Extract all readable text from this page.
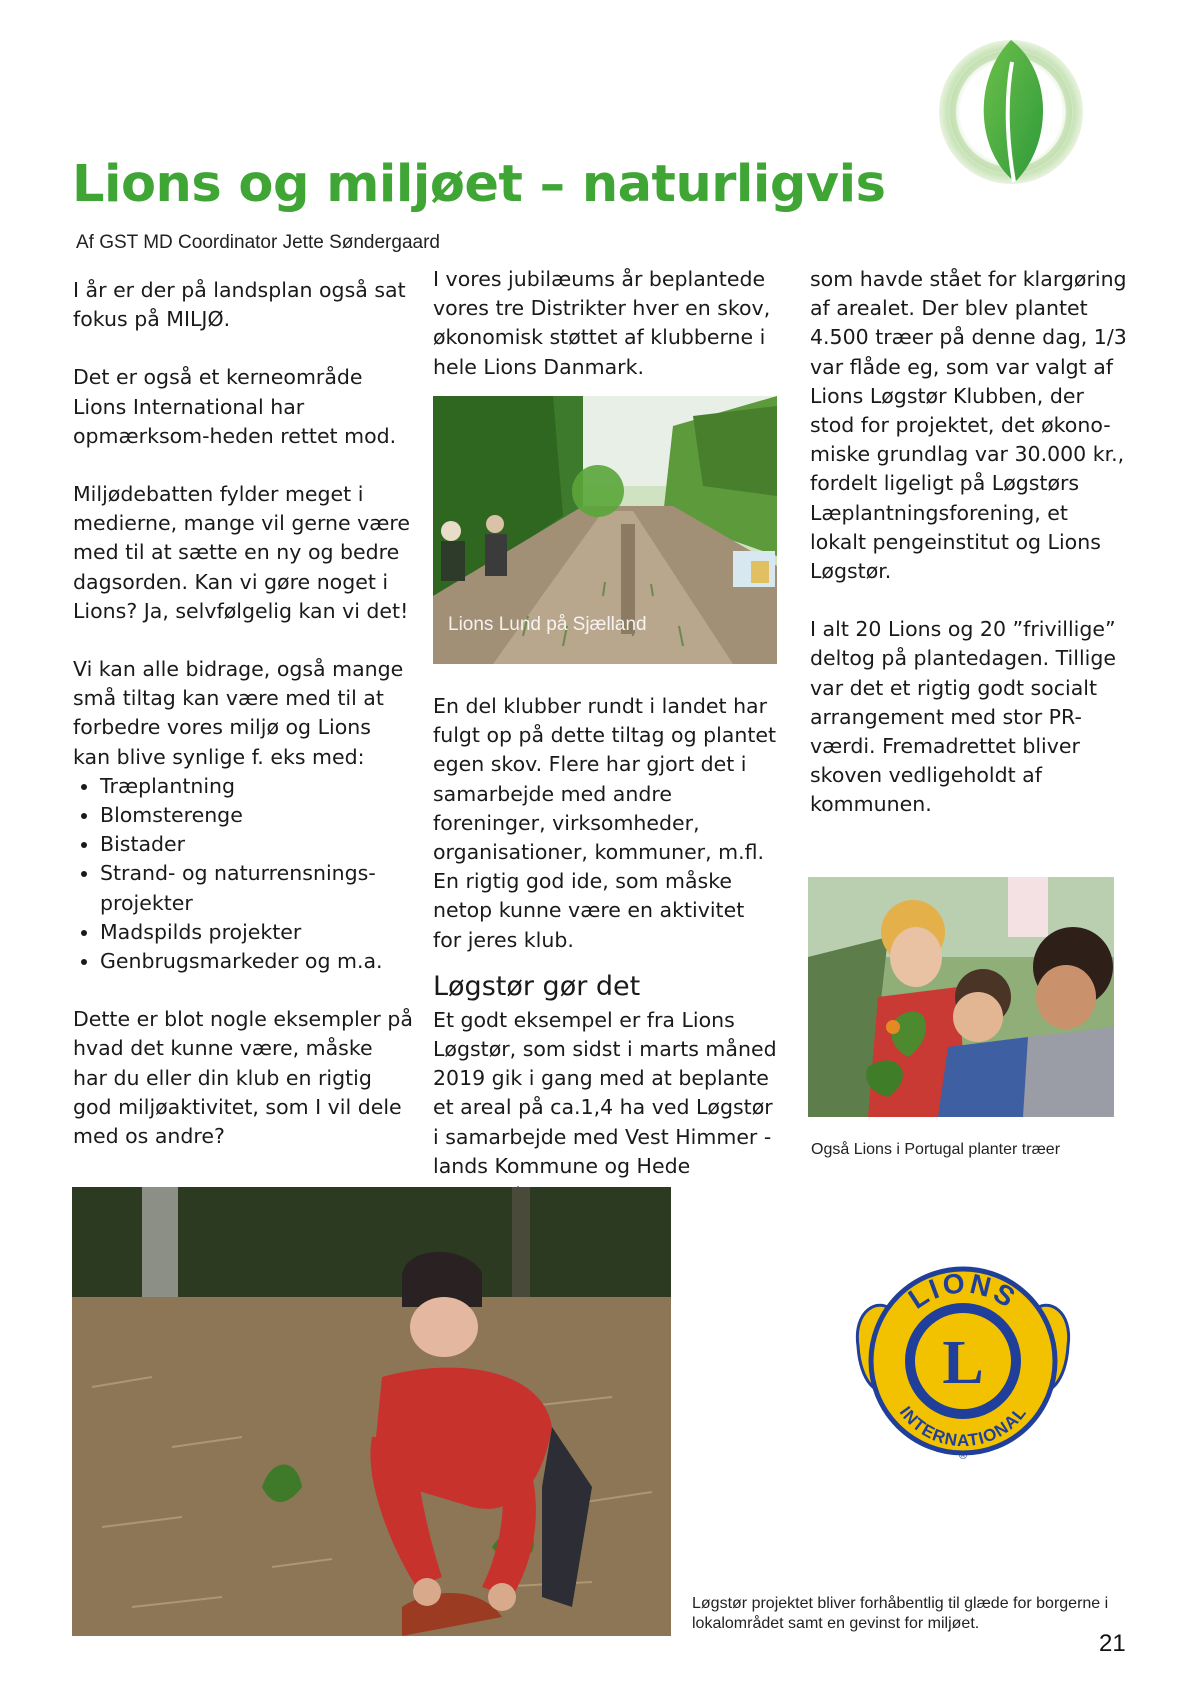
Lions og miljøet – naturligvis
Af GST MD Coordinator Jette Søndergaard

I år er der på landsplan også sat fokus på MILJØ.

Det er også et kerneområde Lions International har opmærksom-heden rettet mod.

Miljødebatten fylder meget i medierne, mange vil gerne være med til at sætte en ny og bedre dagsorden. Kan vi gøre noget i Lions? Ja, selvfølgelig kan vi det!

Vi kan alle bidrage, også mange små tiltag kan være med til at forbedre vores miljø og Lions kan blive synlige f. eks med:

• Træplantning
• Blomsterenge
• Bistader
• Strand- og naturrensnings-projekter
• Madspilds projekter
• Genbrugsmarkeder og m.a.

Dette er blot nogle eksempler på hvad det kunne være, måske har du eller din klub en rigtig god miljøaktivitet, som I vil dele med os andre?

I vores jubilæums år beplantede vores tre Distrikter hver en skov, økonomisk støttet af klubberne i hele Lions Danmark.

Lions Lund på Sjælland

En del klubber rundt i landet har fulgt op på dette tiltag og plantet egen skov. Flere har gjort det i samarbejde med andre foreninger, virksomheder, organisationer, kommuner, m.fl. En rigtig god ide, som måske netop kunne være en aktivitet for jeres klub.

Løgstør gør det

Et godt eksempel er fra Lions Løgstør, som sidst i marts måned 2019 gik i gang med at beplante et areal på ca.1,4 ha ved Løgstør i samarbejde med Vest Himmer - lands Kommune og Hede

som havde stået for klargøring af arealet. Der blev plantet 4.500 træer på denne dag, 1/3 var flåde eg, som var valgt af Lions Løgstør Klubben, der stod for projektet, det økono-miske grundlag var 30.000 kr., fordelt ligeligt på Løgstørs Læplantningsforening, et lokalt pengeinstitut og Lions Løgstør.

I alt 20 Lions og 20 ”frivillige” deltog på plantedagen. Tillige var det et rigtig godt socialt arrangement med stor PR-værdi. Fremadrettet bliver skoven vedligeholdt af kommunen.

Også Lions i Portugal planter træer
LIONS
INTERNATIONAL
L
®
Løgstør projektet bliver forhåbentlig til glæde for borgerne i lokalområdet samt en gevinst for miljøet.
21
